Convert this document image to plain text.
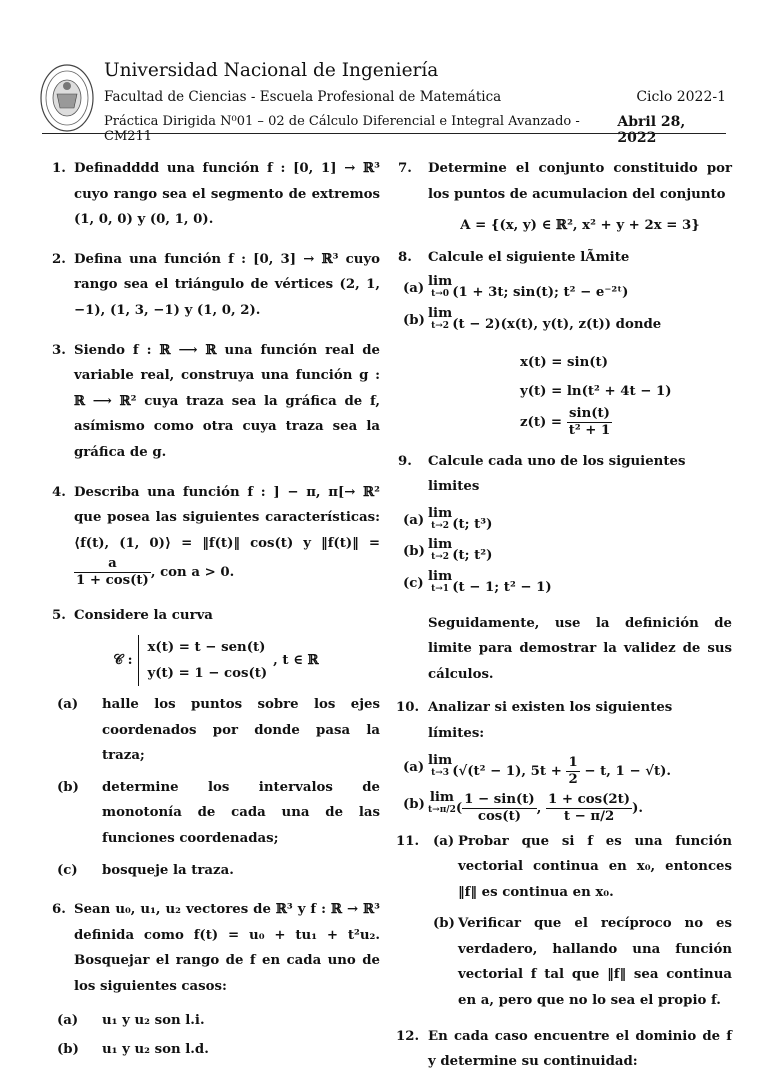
Universidad Nacional de Ingeniería
Facultad de Ciencias - Escuela Profesional de Matemática	Ciclo 2022-1
Práctica Dirigida N⁰01 – 02 de Cálculo Diferencial e Integral Avanzado - CM211
Abril 28, 2022
1. Definadddd una función f : [0, 1] → ℝ³ cuyo rango sea el segmento de extremos (1, 0, 0) y (0, 1, 0).
2. Defina una función f : [0, 3] → ℝ³ cuyo rango sea el triángulo de vértices (2, 1, −1), (1, 3, −1) y (1, 0, 2).
3. Siendo f : ℝ ⟶ ℝ una función real de variable real, construya una función g : ℝ ⟶ ℝ² cuya traza sea la gráfica de f, asímismo como otra cuya traza sea la gráfica de g.
4. Describa una función f : ] − π, π[→ ℝ² que posea las siguientes características: ⟨f(t), (1, 0)⟩ = ‖f(t)‖ cos(t) y ‖f(t)‖ =
$\frac{a}{1 + \cos(t)}$ , con a > 0.
5. Considere la curva
𝒞 :
x(t) = t − sen(t)
y(t) = 1 − cos(t)
, t ∈ ℝ
(a) halle los puntos sobre los ejes coordenados por donde pasa la traza;
(b) determine los intervalos de monotonía de cada una de las funciones coordenadas;
(c) bosqueje la traza.
6. Sean u₀, u₁, u₂ vectores de ℝ³ y f : ℝ → ℝ³ definida como f(t) = u₀ + tu₁ + t²u₂. Bosquejar el rango de f en cada uno de los siguientes casos:
(a) u₁ y u₂ son l.i.
(b) u₁ y u₂ son l.d.
7. Determine el conjunto constituido por los puntos de acumulacion del conjunto
A = {(x, y) ∈ ℝ², x² + y + 2x = 3}
8. Calcule el siguiente lÃmite
(a) lim
t→0 (1 + 3t; sin(t); t² − e⁻²ᵗ)
(b) lim
t→2 (t − 2)(x(t), y(t), z(t)) donde
x(t) = sin(t)
y(t) = ln(t² + 4t − 1)
$z(t) = \frac{\sin(t)}{\text{t² + 1}}$
9. Calcule cada uno de los siguientes limites
(a) lim
t→2 (t; t³)
(b) lim
t→2 (t; t²)
(c) lim
t→1 (t − 1; t² − 1)
Seguidamente, use la definición de limite para demostrar la validez de sus cálculos.
10. Analizar si existen los siguientes límites:
(a) lim
t→3 (√(t² − 1), $5t + \frac{1}{2} - t$, 1 − √t).
(b) lim
t→π/2 ( $\frac{1 - \sin(t)}{\cos(t)}$ , $\frac{1 + \cos(2t)}{t - \pi/2}$ ).
11. (a) Probar que si f es una función vectorial continua en x₀, entonces ‖f‖ es continua en x₀.
(b) Verificar que el recíproco no es verdadero, hallando una función vectorial f tal que ‖f‖ sea continua en a, pero que no lo sea el propio f.
12. En cada caso encuentre el dominio de f y determine su continuidad:
